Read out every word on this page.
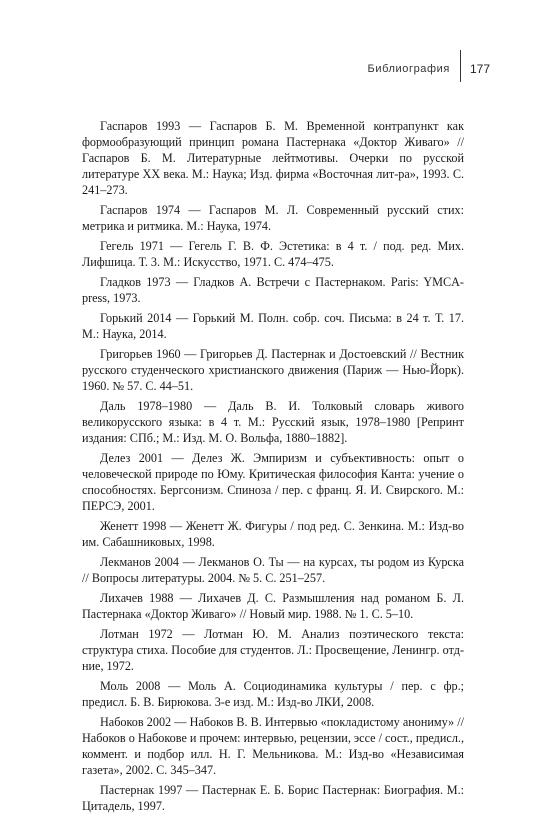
Библиография	177

Гаспаров 1993 — Гаспаров Б. М. Временной контрапункт как формообразующий принцип романа Пастернака «Доктор Живаго» // Гаспаров Б. М. Литературные лейтмотивы. Очерки по русской литературе XX века. М.: Наука; Изд. фирма «Восточная лит-ра», 1993. С. 241–273.

Гаспаров 1974 — Гаспаров М. Л. Современный русский стих: метрика и ритмика. М.: Наука, 1974.

Гегель 1971 — Гегель Г. В. Ф. Эстетика: в 4 т. / под. ред. Мих. Лифшица. Т. 3. М.: Искусство, 1971. С. 474–475.

Гладков 1973 — Гладков А. Встречи с Пастернаком. Paris: YMCA-press, 1973.

Горький 2014 — Горький М. Полн. собр. соч. Письма: в 24 т. Т. 17. М.: Наука, 2014.

Григорьев 1960 — Григорьев Д. Пастернак и Достоевский // Вестник русского студенческого христианского движения (Париж — Нью-Йорк). 1960. № 57. С. 44–51.

Даль 1978–1980 — Даль В. И. Толковый словарь живого великорусского языка: в 4 т. М.: Русский язык, 1978–1980 [Репринт издания: СПб.; М.: Изд. М. О. Вольфа, 1880–1882].

Делез 2001 — Делез Ж. Эмпиризм и субъективность: опыт о человеческой природе по Юму. Критическая философия Канта: учение о способностях. Бергсонизм. Спиноза / пер. с франц. Я. И. Свирского. М.: ПЕРСЭ, 2001.

Женетт 1998 — Женетт Ж. Фигуры / под ред. С. Зенкина. М.: Изд-во им. Сабашниковых, 1998.

Лекманов 2004 — Лекманов О. Ты — на курсах, ты родом из Курска // Вопросы литературы. 2004. № 5. С. 251–257.

Лихачев 1988 — Лихачев Д. С. Размышления над романом Б. Л. Пастернака «Доктор Живаго» // Новый мир. 1988. № 1. С. 5–10.

Лотман 1972 — Лотман Ю. М. Анализ поэтического текста: структура стиха. Пособие для студентов. Л.: Просвещение, Ленингр. отд-ние, 1972.

Моль 2008 — Моль А. Социодинамика культуры / пер. с фр.; предисл. Б. В. Бирюкова. 3-е изд. М.: Изд-во ЛКИ, 2008.

Набоков 2002 — Набоков В. В. Интервью «покладистому анониму» // Набоков о Набокове и прочем: интервью, рецензии, эссе / сост., предисл., коммент. и подбор илл. Н. Г. Мельникова. М.: Изд-во «Независимая газета», 2002. С. 345–347.

Пастернак 1997 — Пастернак Е. Б. Борис Пастернак: Биография. М.: Цитадель, 1997.
